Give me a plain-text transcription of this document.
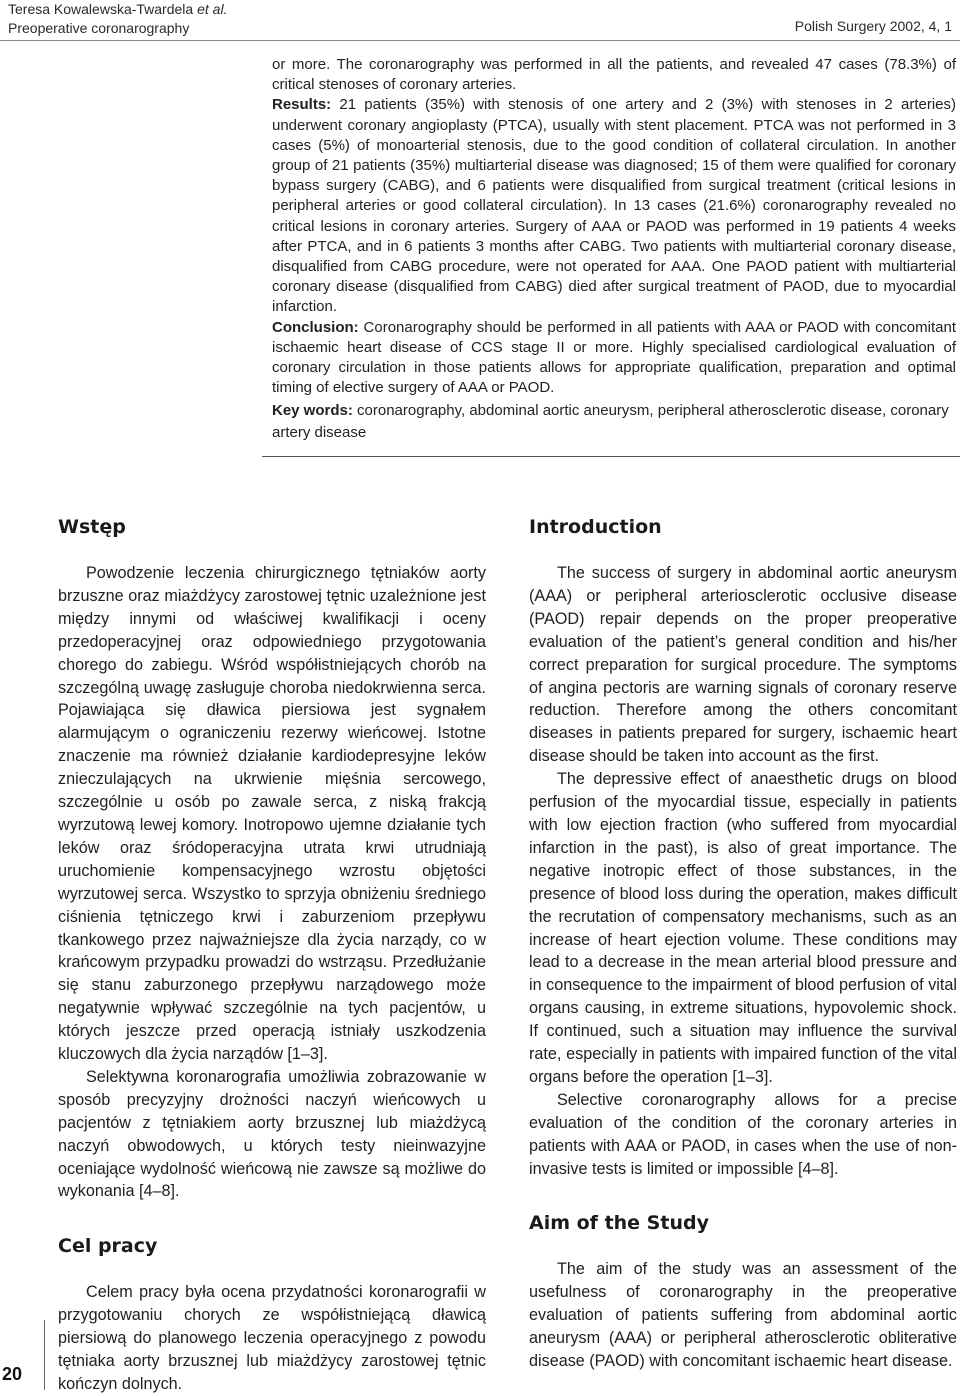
Teresa Kowalewska-Twardela et al.
Preoperative coronarography	Polish Surgery 2002, 4, 1

or more. The coronarography was performed in all the patients, and revealed 47 cases (78.3%) of critical stenoses of coronary arteries.

Results: 21 patients (35%) with stenosis of one artery and 2 (3%) with stenoses in 2 arteries) underwent coronary angioplasty (PTCA), usually with stent placement. PTCA was not performed in 3 cases (5%) of monoarterial stenosis, due to the good condition of collateral circulation. In another group of 21 patients (35%) multiarterial disease was diagnosed; 15 of them were qualified for coronary bypass surgery (CABG), and 6 patients were disqualified from surgical treatment (critical lesions in peripheral arteries or good collateral circulation). In 13 cases (21.6%) coronarography revealed no critical lesions in coronary arteries. Surgery of AAA or PAOD was performed in 19 patients 4 weeks after PTCA, and in 6 patients 3 months after CABG. Two patients with multiarterial coronary disease, disqualified from CABG procedure, were not operated for AAA. One PAOD patient with multiarterial coronary disease (disqualified from CABG) died after surgical treatment of PAOD, due to myocardial infarction.

Conclusion: Coronarography should be performed in all patients with AAA or PAOD with concomitant ischaemic heart disease of CCS stage II or more. Highly specialised cardiological evaluation of coronary circulation in those patients allows for appropriate qualification, preparation and optimal timing of elective surgery of AAA or PAOD.

Key words: coronarography, abdominal aortic aneurysm, peripheral atherosclerotic disease, coronary artery disease
Wstęp

Powodzenie leczenia chirurgicznego tętniaków aorty brzuszne oraz miażdżycy zarostowej tętnic uzależnione jest między innymi od właściwej kwalifikacji i oceny przedoperacyjnej oraz odpowiedniego przygotowania chorego do zabiegu. Wśród współistniejących chorób na szczególną uwagę zasługuje choroba niedokrwienna serca. Pojawiająca się dławica piersiowa jest sygnałem alarmującym o ograniczeniu rezerwy wieńcowej. Istotne znaczenie ma również działanie kardiodepresyjne leków znieczulających na ukrwienie mięśnia sercowego, szczególnie u osób po zawale serca, z niską frakcją wyrzutową lewej komory. Inotropowo ujemne działanie tych leków oraz śródoperacyjna utrata krwi utrudniają uruchomienie kompensacyjnego wzrostu objętości wyrzutowej serca. Wszystko to sprzyja obniżeniu średniego ciśnienia tętniczego krwi i zaburzeniom przepływu tkankowego przez najważniejsze dla życia narządy, co w krańcowym przypadku prowadzi do wstrząsu. Przedłużanie się stanu zaburzonego przepływu narządowego może negatywnie wpływać szczególnie na tych pacjentów, u których jeszcze przed operacją istniały uszkodzenia kluczowych dla życia narządów [1–3].

Selektywna koronarografia umożliwia zobrazowanie w sposób precyzyjny drożności naczyń wieńcowych u pacjentów z tętniakiem aorty brzusznej lub miażdżycą naczyń obwodowych, u których testy nieinwazyjne oceniające wydolność wieńcową nie zawsze są możliwe do wykonania [4–8].

Cel pracy

Celem pracy była ocena przydatności koronarografii w przygotowaniu chorych ze współistniejącą dławicą piersiową do planowego leczenia operacyjnego z powodu tętniaka aorty brzusznej lub miażdżycy zarostowej tętnic kończyn dolnych.

Introduction

The success of surgery in abdominal aortic aneurysm (AAA) or peripheral arteriosclerotic occlusive disease (PAOD) repair depends on the proper preoperative evaluation of the patient’s general condition and his/her correct preparation for surgical procedure. The symptoms of angina pectoris are warning signals of coronary reserve reduction. Therefore among the others concomitant diseases in patients prepared for surgery, ischaemic heart disease should be taken into account as the first.

The depressive effect of anaesthetic drugs on blood perfusion of the myocardial tissue, especially in patients with low ejection fraction (who suffered from myocardial infarction in the past), is also of great importance. The negative inotropic effect of those substances, in the presence of blood loss during the operation, makes difficult the recrutation of compensatory mechanisms, such as an increase of heart ejection volume. These conditions may lead to a decrease in the mean arterial blood pressure and in consequence to the impairment of blood perfusion of vital organs causing, in extreme situations, hypovolemic shock. If continued, such a situation may influence the survival rate, especially in patients with impaired function of the vital organs before the operation [1–3].

Selective coronarography allows for a precise evaluation of the condition of the coronary arteries in patients with AAA or PAOD, in cases when the use of non-invasive tests is limited or impossible [4–8].

Aim of the Study

The aim of the study was an assessment of the usefulness of coronarography in the preoperative evaluation of patients suffering from abdominal aortic aneurysm (AAA) or peripheral atherosclerotic obliterative disease (PAOD) with concomitant ischaemic heart disease.

20
